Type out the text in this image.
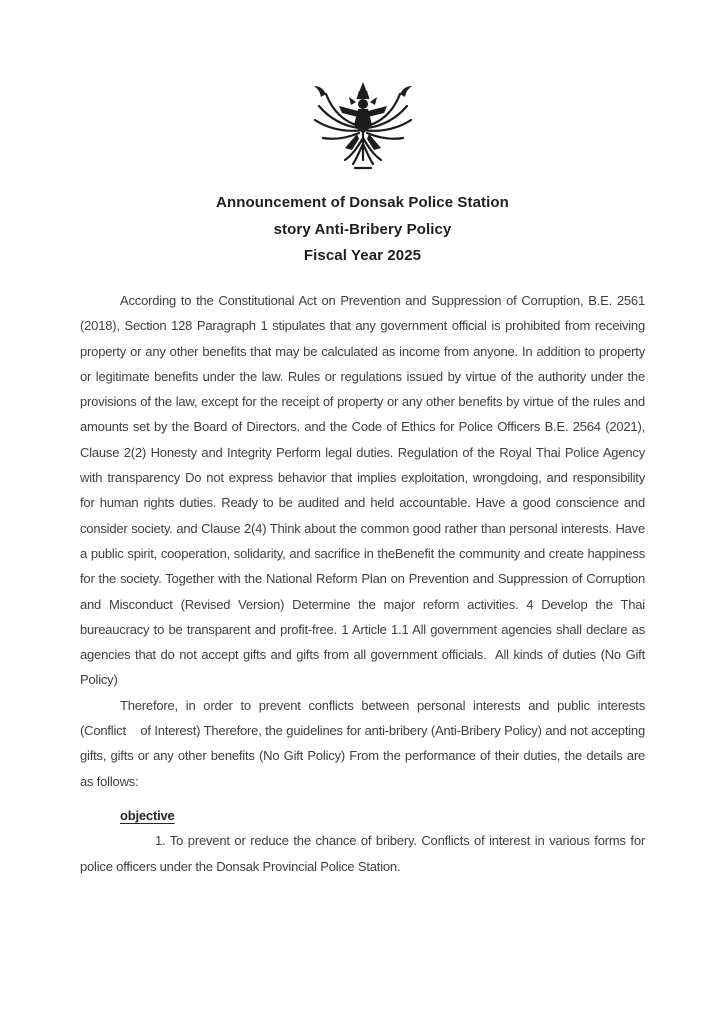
Announcement of Donsak Police Station
story Anti-Bribery Policy
Fiscal Year 2025

According to the Constitutional Act on Prevention and Suppression of Corruption, B.E. 2561 (2018), Section 128 Paragraph 1 stipulates that any government official is prohibited from receiving property or any other benefits that may be calculated as income from anyone. In addition to property or legitimate benefits under the law. Rules or regulations issued by virtue of the authority under the provisions of the law, except for the receipt of property or any other benefits by virtue of the rules and amounts set by the Board of Directors. and the Code of Ethics for Police Officers B.E. 2564 (2021), Clause 2(2) Honesty and Integrity Perform legal duties. Regulation of the Royal Thai Police Agency with transparency Do not express behavior that implies exploitation, wrongdoing, and responsibility for human rights duties. Ready to be audited and held accountable. Have a good conscience and consider society. and Clause 2(4) Think about the common good rather than personal interests. Have a public spirit, cooperation, solidarity, and sacrifice in theBenefit the community and create happiness for the society. Together with the National Reform Plan on Prevention and Suppression of Corruption and Misconduct (Revised Version) Determine the major reform activities. 4 Develop the Thai bureaucracy to be transparent and profit-free. 1 Article 1.1 All government agencies shall declare as agencies that do not accept gifts and gifts from all government officials.  All kinds of duties (No Gift Policy)

Therefore, in order to prevent conflicts between personal interests and public interests (Conflict    of Interest) Therefore, the guidelines for anti-bribery (Anti-Bribery Policy) and not accepting gifts, gifts or any other benefits (No Gift Policy) From the performance of their duties, the details are as follows:

objective

1. To prevent or reduce the chance of bribery. Conflicts of interest in various forms for police officers under the Donsak Provincial Police Station.
